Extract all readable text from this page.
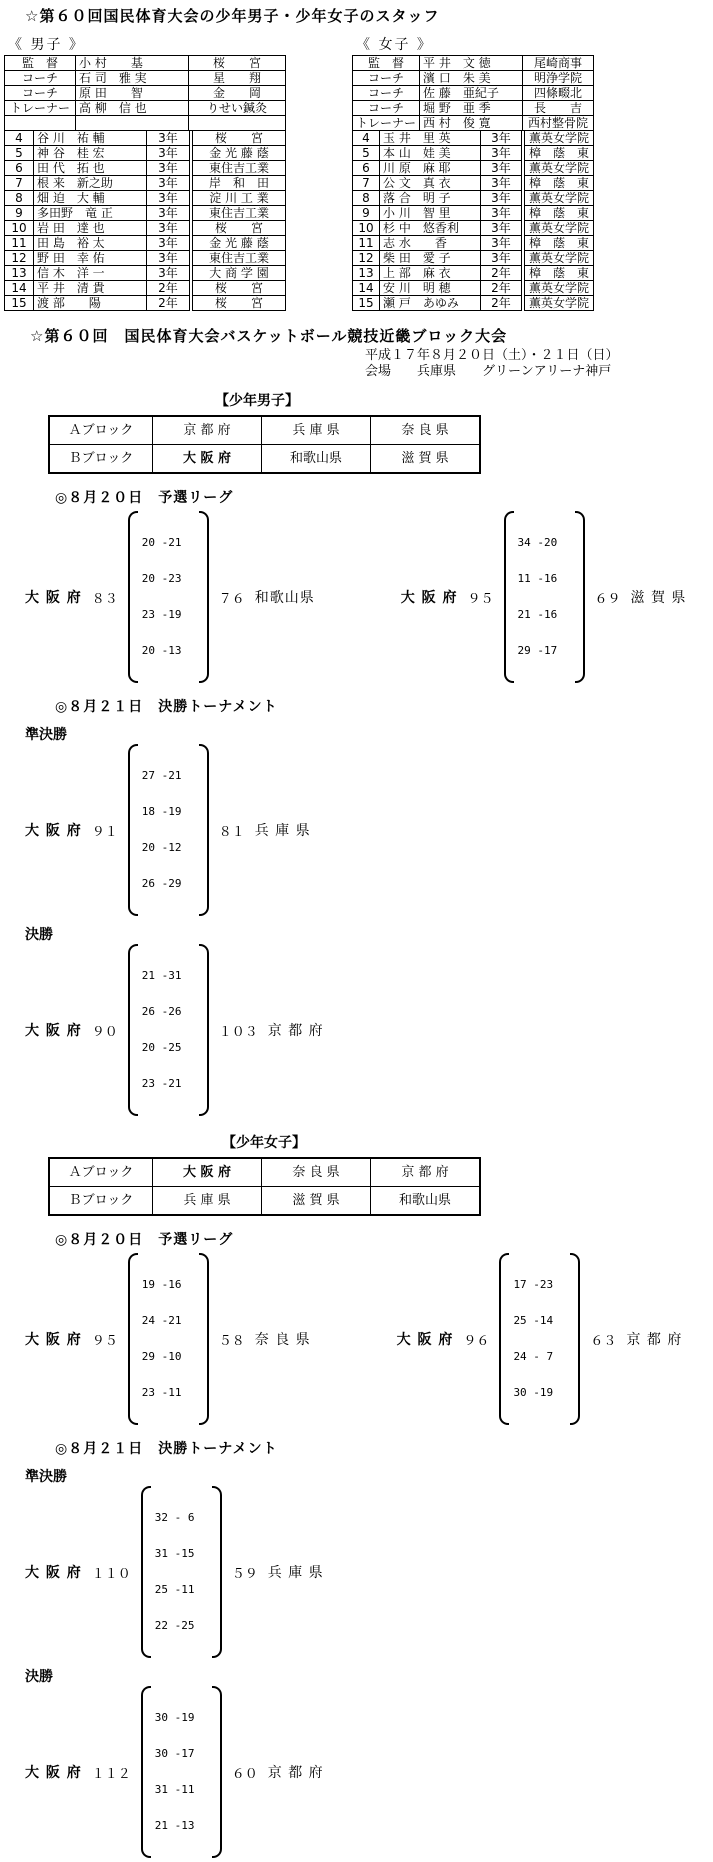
☆第６０回国民体育大会の少年男子・少年女子のスタッフ
《 男子 》
監　督	小 村　　基	桜　　宮
コーチ	石 司　雅 実	星　　翔
コーチ	原 田　　智	金　　岡
トレーナー	高 柳　信 也	りせい鍼灸

4	谷 川　祐 輔	3年	桜　　宮
5	神 谷　桂 宏	3年	金 光 藤 蔭
6	田 代　拓 也	3年	東住吉工業
7	根 来　新之助	3年	岸　和　田
8	畑 迫　大 輔	3年	淀 川 工 業
9	多田野　竜 正	3年	東住吉工業
10	岩 田　達 也	3年	桜　　宮
11	田 島　裕 太	3年	金 光 藤 蔭
12	野 田　幸 佑	3年	東住吉工業
13	信 木　洋 一	3年	大 商 学 園
14	平 井　清 貴	2年	桜　　宮
15	渡 部　　陽	2年	桜　　宮
《 女子 》
監　督	平 井　文 徳	尾崎商事
コーチ	濱 口　朱 美	明浄学院
コーチ	佐 藤　亜紀子	四條畷北
コーチ	堀 野　亜 季	長　　吉
トレーナー	西 村　俊 寛	西村整骨院
4	玉 井　里 英	3年	薫英女学院
5	本 山　娃 美	3年	樟　蔭　東
6	川 原　麻 耶	3年	薫英女学院
7	公 文　真 衣	3年	樟　蔭　東
8	落 合　明 子	3年	薫英女学院
9	小 川　智 里	3年	樟　蔭　東
10	杉 中　悠香利	3年	薫英女学院
11	志 水　　香	3年	樟　蔭　東
12	柴 田　愛 子	3年	薫英女学院
13	上 部　麻 衣	2年	樟　蔭　東
14	安 川　明 穂	2年	薫英女学院
15	瀬 戸　あゆみ	2年	薫英女学院
☆第６０回　国民体育大会バスケットボール競技近畿ブロック大会
平成１７年８月２０日（土）・２１日（日）
会場　　兵庫県　　グリーンアリーナ神戸
【少年男子】
Ａブロック	京 都 府	兵 庫 県	奈 良 県
Ｂブロック	大 阪 府	和歌山県	滋 賀 県
◎８月２０日　予選リーグ
大 阪 府 ８３

20 -21

20 -23

23 -19

20 -13

７６ 和歌山県	大 阪 府 ９５

34 -20

11 -16

21 -16

29 -17

６９ 滋 賀 県
◎８月２１日　決勝トーナメント
準決勝
大 阪 府 ９１

27 -21

18 -19

20 -12

26 -29

８１ 兵 庫 県
決勝
大 阪 府 ９０

21 -31

26 -26

20 -25

23 -21

１０３ 京 都 府
【少年女子】
Ａブロック	大 阪 府	奈 良 県	京 都 府
Ｂブロック	兵 庫 県	滋 賀 県	和歌山県
◎８月２０日　予選リーグ
大 阪 府 ９５

19 -16

24 -21

29 -10

23 -11

５８ 奈 良 県	大 阪 府 ９６

17 -23

25 -14

24 - 7

30 -19

６３ 京 都 府
◎８月２１日　決勝トーナメント
準決勝
大 阪 府 １１０

32 - 6

31 -15

25 -11

22 -25

５９ 兵 庫 県
決勝
大 阪 府 １１２

30 -19

30 -17

31 -11

21 -13

６０ 京 都 府
